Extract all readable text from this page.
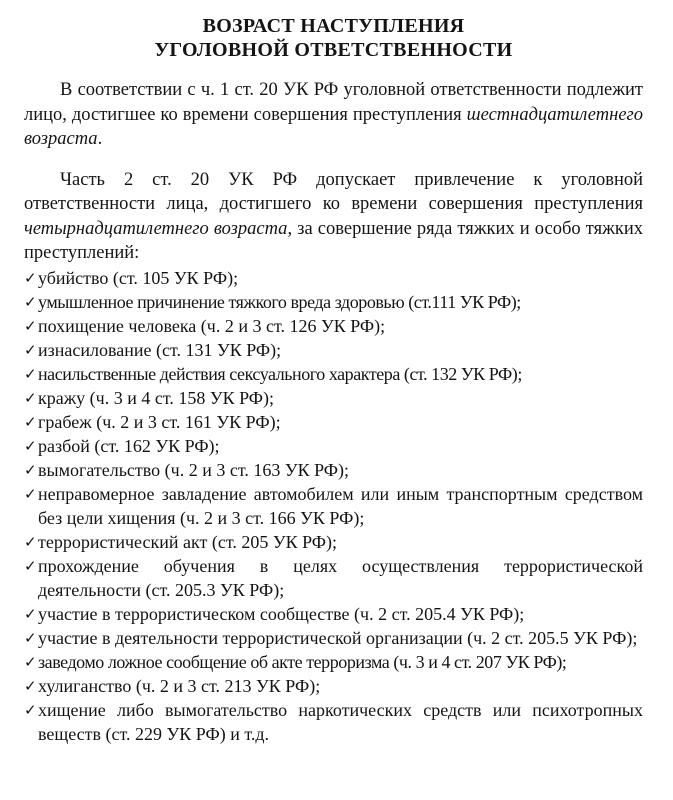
ВОЗРАСТ НАСТУПЛЕНИЯ
УГОЛОВНОЙ ОТВЕТСТВЕННОСТИ

В соответствии с ч. 1 ст. 20 УК РФ уголовной ответственности подлежит лицо, достигшее ко времени совершения преступления шестнадцатилетнего возраста.

Часть 2 ст. 20 УК РФ допускает привлечение к уголовной ответственности лица, достигшего ко времени совершения преступления четырнадцатилетнего возраста, за совершение ряда тяжких и особо тяжких преступлений:

✓ убийство (ст. 105 УК РФ);
✓ умышленное причинение тяжкого вреда здоровью (ст.111 УК РФ);
✓ похищение человека (ч. 2 и 3 ст. 126 УК РФ);
✓ изнасилование (ст. 131 УК РФ);
✓ насильственные действия сексуального характера (ст. 132 УК РФ);
✓ кражу (ч. 3 и 4 ст. 158 УК РФ);
✓ грабеж (ч. 2 и 3 ст. 161 УК РФ);
✓ разбой (ст. 162 УК РФ);
✓ вымогательство (ч. 2 и 3 ст. 163 УК РФ);
✓ неправомерное завладение автомобилем или иным транспортным средством без цели хищения (ч. 2 и 3 ст. 166 УК РФ);
✓ террористический акт (ст. 205 УК РФ);
✓ прохождение обучения в целях осуществления террористической деятельности (ст. 205.3 УК РФ);
✓ участие в террористическом сообществе (ч. 2 ст. 205.4 УК РФ);
✓ участие в деятельности террористической организации (ч. 2 ст. 205.5 УК РФ);
✓ заведомо ложное сообщение об акте терроризма (ч. 3 и 4 ст. 207 УК РФ);
✓ хулиганство (ч. 2 и 3 ст. 213 УК РФ);
✓ хищение либо вымогательство наркотических средств или психотропных веществ (ст. 229 УК РФ) и т.д.
